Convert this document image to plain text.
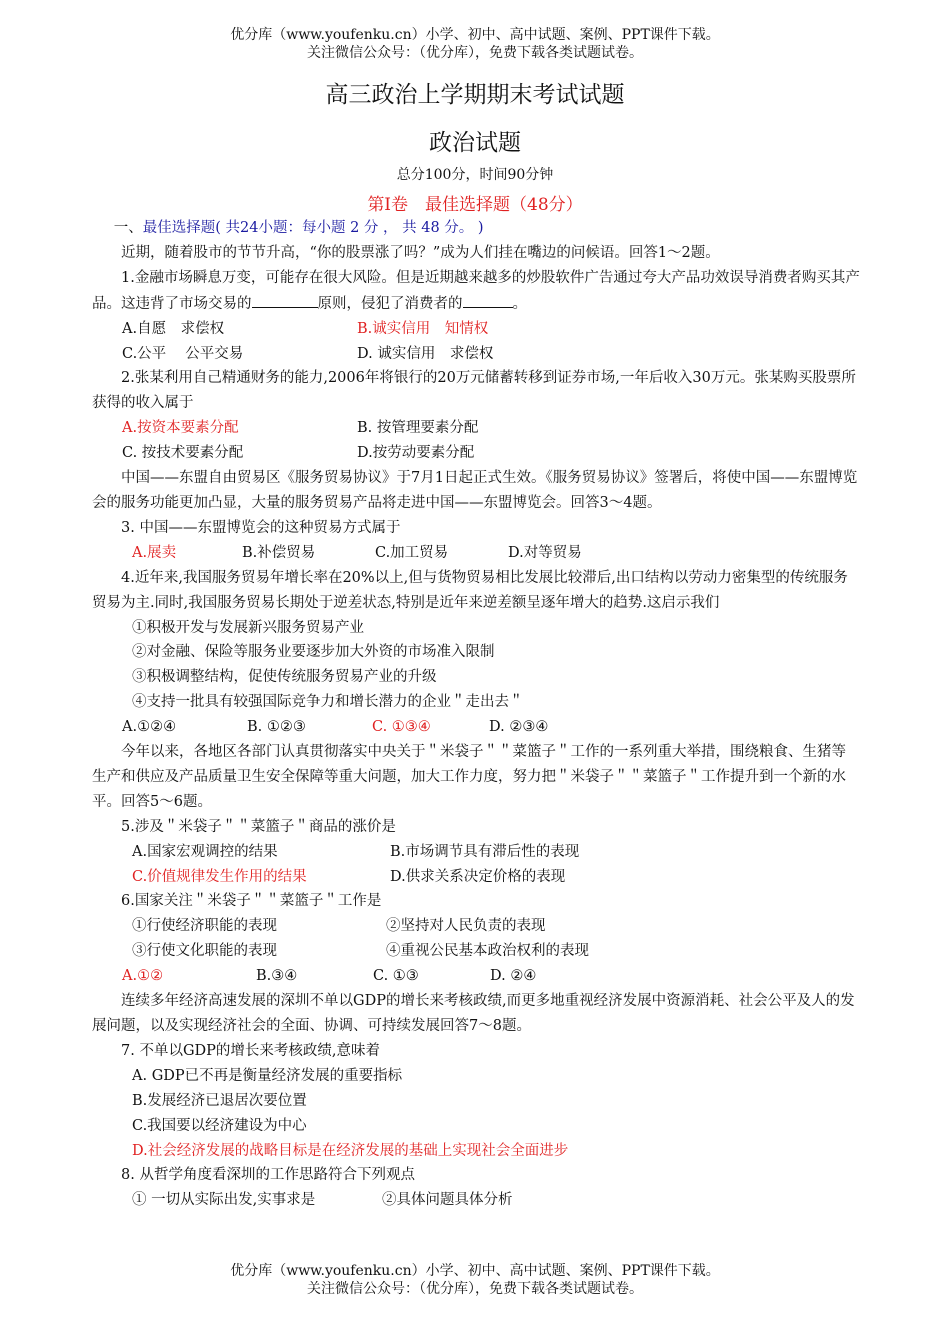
优分库（www.youfenku.cn）小学、初中、高中试题、案例、PPT课件下载。
关注微信公众号：（优分库），免费下载各类试题试卷。
高三政治上学期期末考试试题
政治试题
总分100分，时间90分钟
第Ⅰ卷　最佳选择题（48分）

一、最佳选择题( 共24小题：每小题 2 分 ， 共 48 分。 )

近期，随着股市的节节升高，“你的股票涨了吗？”成为人们挂在嘴边的问候语。回答1～2题。

1.金融市场瞬息万变，可能存在很大风险。但是近期越来越多的炒股软件广告通过夸大产品功效误导消费者购买其产品。这违背了市场交易的	原则，侵犯了消费者的	。

A.自愿　求偿权	B.诚实信用　知情权
C.公平　 公平交易	D. 诚实信用　求偿权

2.张某利用自己精通财务的能力,2006年将银行的20万元储蓄转移到证券市场,一年后收入30万元。张某购买股票所获得的收入属于

A.按资本要素分配	B. 按管理要素分配
C. 按技术要素分配	D.按劳动要素分配

中国——东盟自由贸易区《服务贸易协议》于7月1日起正式生效。《服务贸易协议》签署后，将使中国——东盟博览会的服务功能更加凸显，大量的服务贸易产品将走进中国——东盟博览会。回答3～4题。

3. 中国——东盟博览会的这种贸易方式属于

A.展卖	B.补偿贸易	C.加工贸易	D.对等贸易

4.近年来,我国服务贸易年增长率在20%以上,但与货物贸易相比发展比较滞后,出口结构以劳动力密集型的传统服务贸易为主.同时,我国服务贸易长期处于逆差状态,特别是近年来逆差额呈逐年增大的趋势.这启示我们

①积极开发与发展新兴服务贸易产业

②对金融、保险等服务业要逐步加大外资的市场准入限制

③积极调整结构，促使传统服务贸易产业的升级

④支持一批具有较强国际竞争力和增长潜力的企业＂走出去＂

A.①②④	B. ①②③	C. ①③④	D. ②③④

今年以来，各地区各部门认真贯彻落实中央关于＂米袋子＂＂菜篮子＂工作的一系列重大举措，围绕粮食、生猪等生产和供应及产品质量卫生安全保障等重大问题，加大工作力度，努力把＂米袋子＂＂菜篮子＂工作提升到一个新的水平。回答5～6题。

5.涉及＂米袋子＂＂菜篮子＂商品的涨价是

A.国家宏观调控的结果	B.市场调节具有滞后性的表现
C.价值规律发生作用的结果	D.供求关系决定价格的表现

6.国家关注＂米袋子＂＂菜篮子＂工作是

①行使经济职能的表现	②坚持对人民负责的表现
③行使文化职能的表现	④重视公民基本政治权利的表现
A.①②	B.③④	C. ①③	D. ②④

连续多年经济高速发展的深圳不单以GDP的增长来考核政绩,而更多地重视经济发展中资源消耗、社会公平及人的发展问题，以及实现经济社会的全面、协调、可持续发展回答7～8题。

7. 不单以GDP的增长来考核政绩,意味着

A. GDP已不再是衡量经济发展的重要指标

B.发展经济已退居次要位置

C.我国要以经济建设为中心

D.社会经济发展的战略目标是在经济发展的基础上实现社会全面进步

8. 从哲学角度看深圳的工作思路符合下列观点

① 一切从实际出发,实事求是	②具体问题具体分析
优分库（www.youfenku.cn）小学、初中、高中试题、案例、PPT课件下载。
关注微信公众号：（优分库），免费下载各类试题试卷。
